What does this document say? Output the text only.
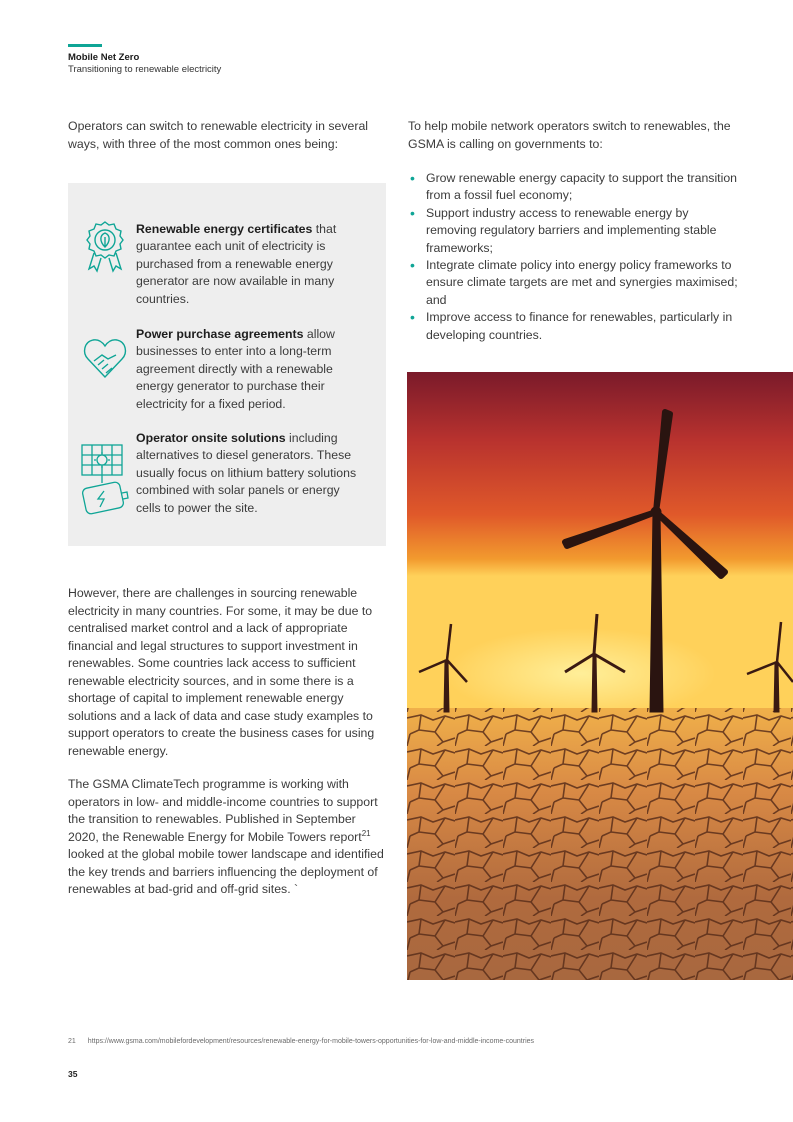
Mobile Net Zero
Transitioning to renewable electricity

Operators can switch to renewable electricity in several ways, with three of the most common ones being:

To help mobile network operators switch to renewables, the GSMA is calling on governments to:

• Grow renewable energy capacity to support the transition from a fossil fuel economy;
• Support industry access to renewable energy by removing regulatory barriers and implementing stable frameworks;
• Integrate climate policy into energy policy frameworks to ensure climate targets are met and synergies maximised; and
• Improve access to finance for renewables, particularly in developing countries.

Renewable energy certificates that guarantee each unit of electricity is purchased from a renewable energy generator are now available in many countries.

Power purchase agreements allow businesses to enter into a long-term agreement directly with a renewable energy generator to purchase their electricity for a fixed period.

Operator onsite solutions including alternatives to diesel generators. These usually focus on lithium battery solutions combined with solar panels or energy cells to power the site.

However, there are challenges in sourcing renewable electricity in many countries. For some, it may be due to centralised market control and a lack of appropriate financial and legal structures to support investment in renewables. Some countries lack access to sufficient renewable electricity sources, and in some there is a shortage of capital to implement renewable energy solutions and a lack of data and case study examples to support operators to create the business cases for using renewable energy.

The GSMA ClimateTech programme is working with operators in low- and middle-income countries to support the transition to renewables. Published in September 2020, the Renewable Energy for Mobile Towers report$^{21}$ looked at the global mobile tower landscape and identified the key trends and barriers influencing the deployment of renewables at bad-grid and off-grid sites. `

21 https://www.gsma.com/mobilefordevelopment/resources/renewable-energy-for-mobile-towers-opportunities-for-low-and-middle-income-countries
35
